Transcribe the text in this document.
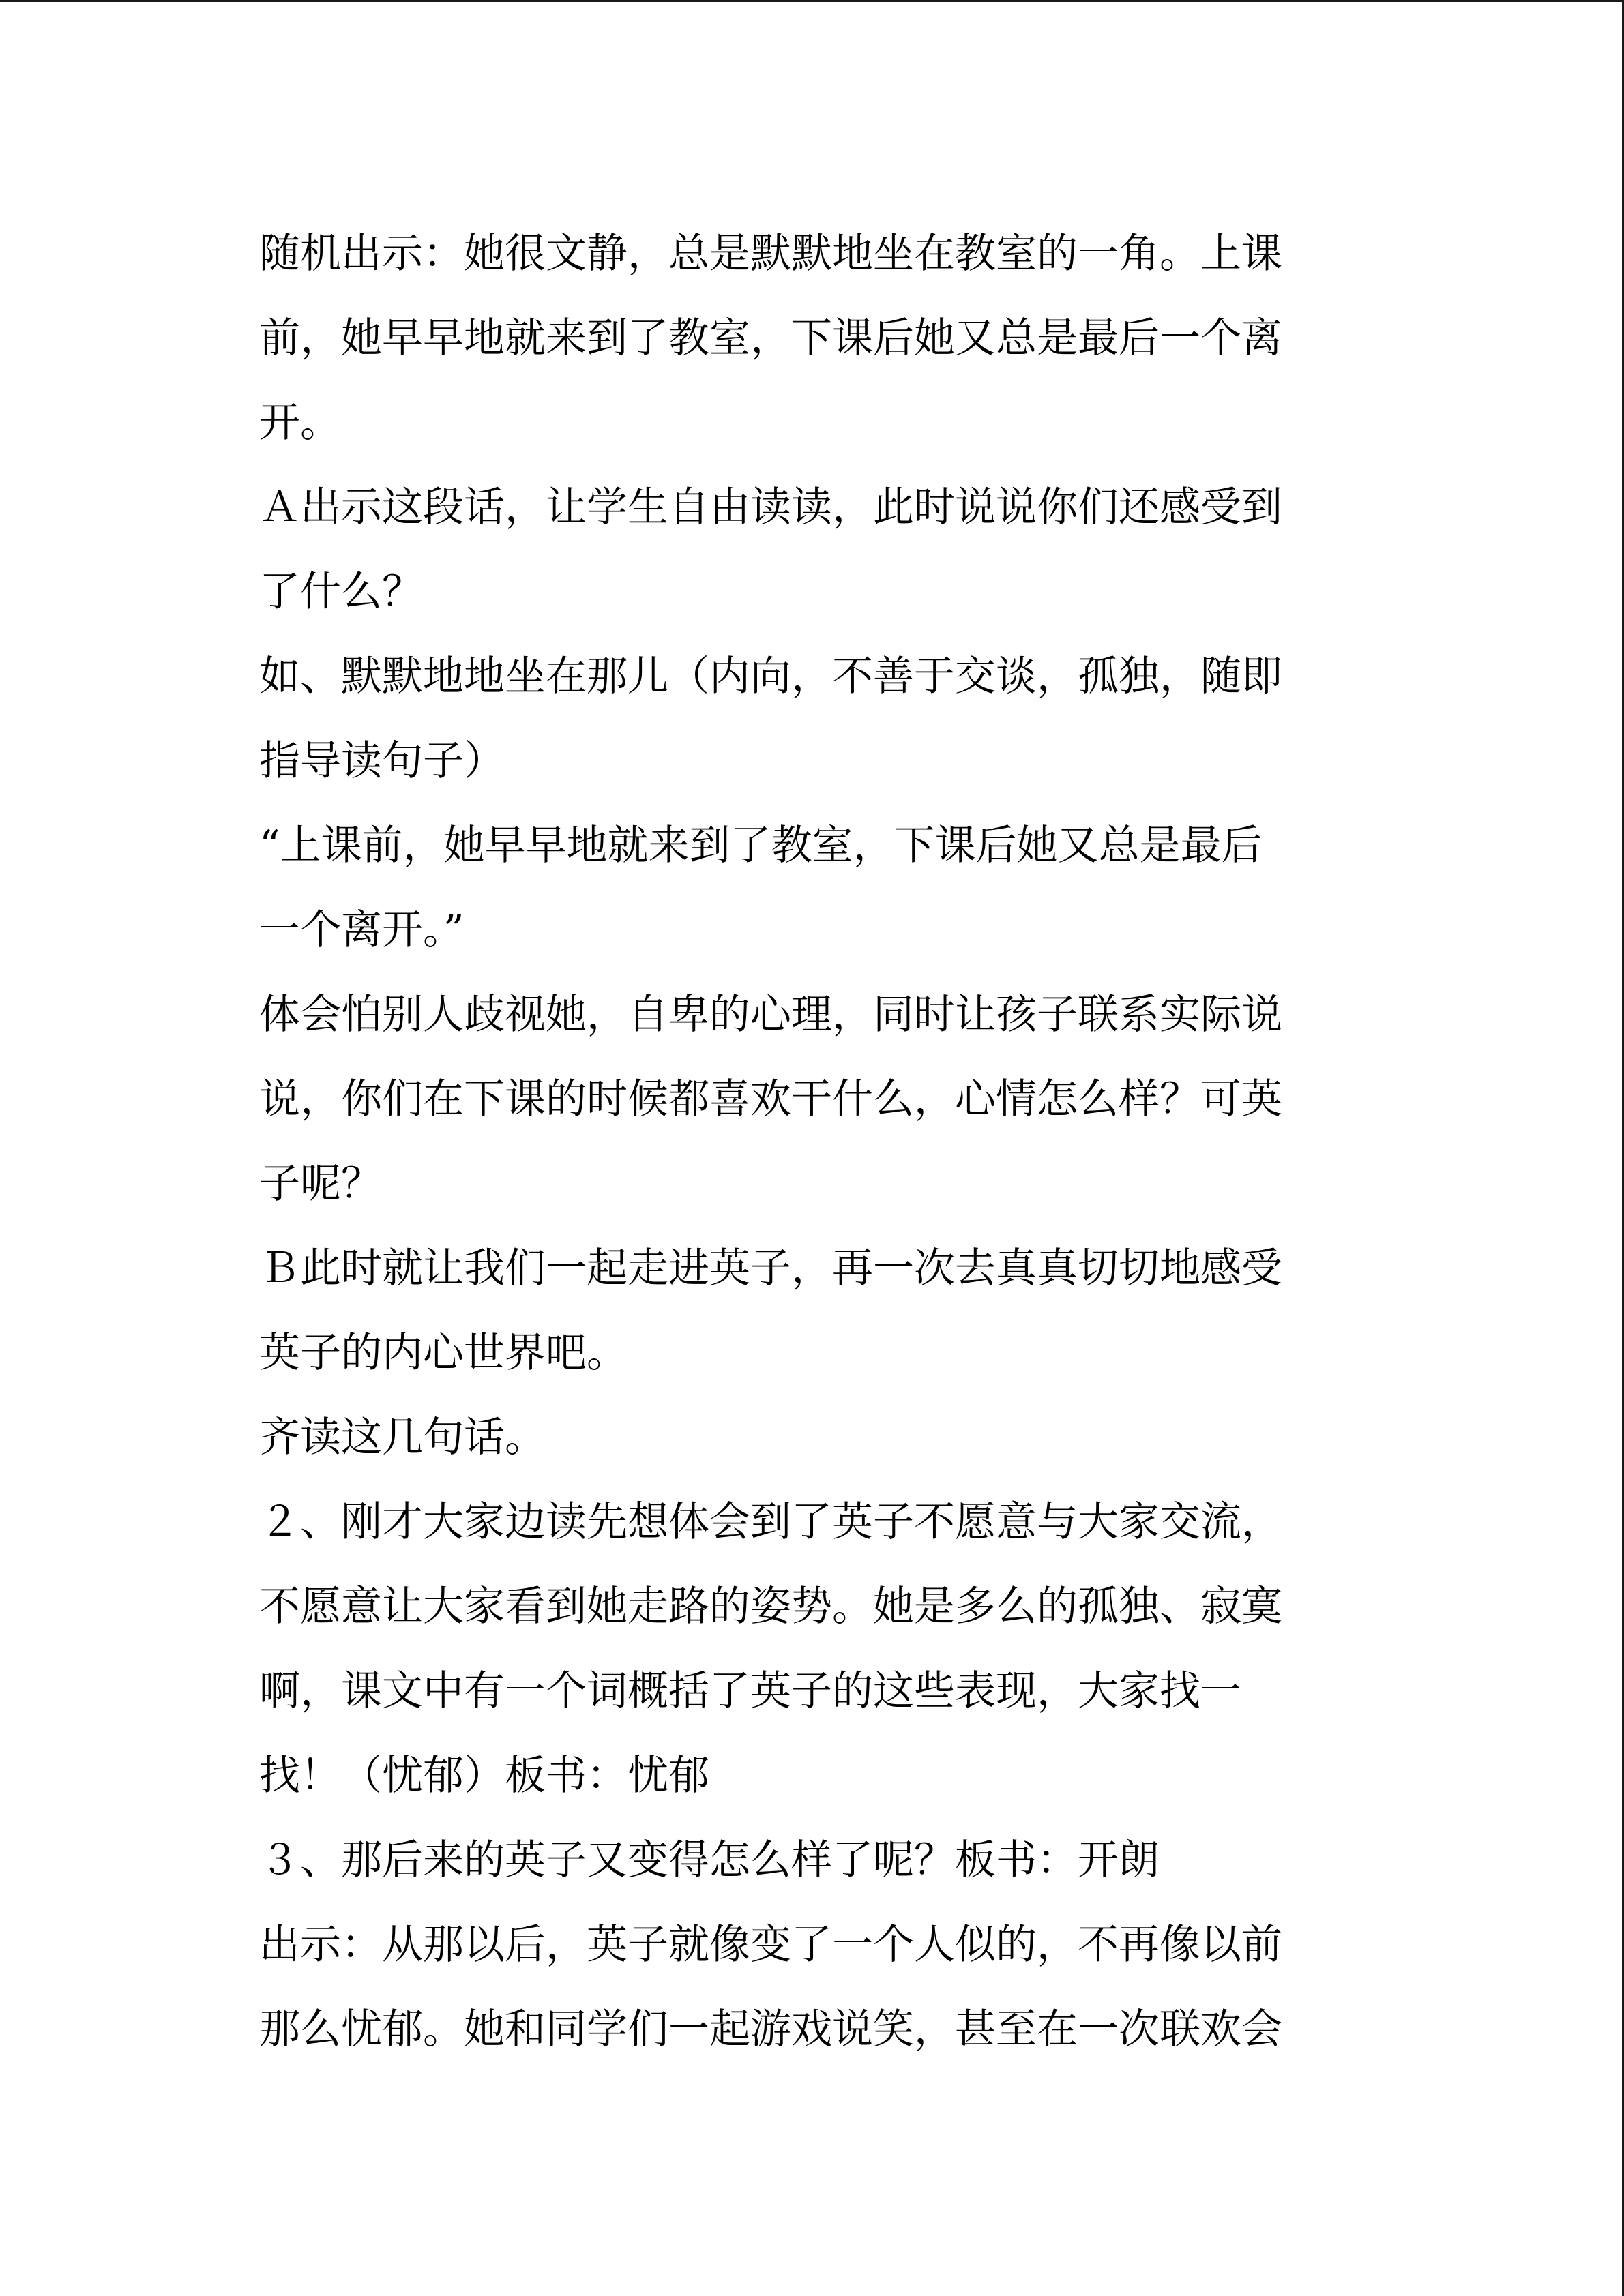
随机出示：她很文静，总是默默地坐在教室的一角。上课
前，她早早地就来到了教室，下课后她又总是最后一个离
开。
Ａ出示这段话，让学生自由读读，此时说说你们还感受到
了什么？
如、默默地地坐在那儿（内向，不善于交谈，孤独，随即
指导读句子）
“上课前，她早早地就来到了教室，下课后她又总是最后
一个离开。”
体会怕别人歧视她，自卑的心理，同时让孩子联系实际说
说，你们在下课的时候都喜欢干什么，心情怎么样？可英
子呢？
Ｂ此时就让我们一起走进英子，再一次去真真切切地感受
英子的内心世界吧。
齐读这几句话。
２、刚才大家边读先想体会到了英子不愿意与大家交流，
不愿意让大家看到她走路的姿势。她是多么的孤独、寂寞
啊，课文中有一个词概括了英子的这些表现，大家找一
找！（忧郁）板书：忧郁
３、那后来的英子又变得怎么样了呢？板书：开朗
出示：从那以后，英子就像变了一个人似的，不再像以前
那么忧郁。她和同学们一起游戏说笑，甚至在一次联欢会
